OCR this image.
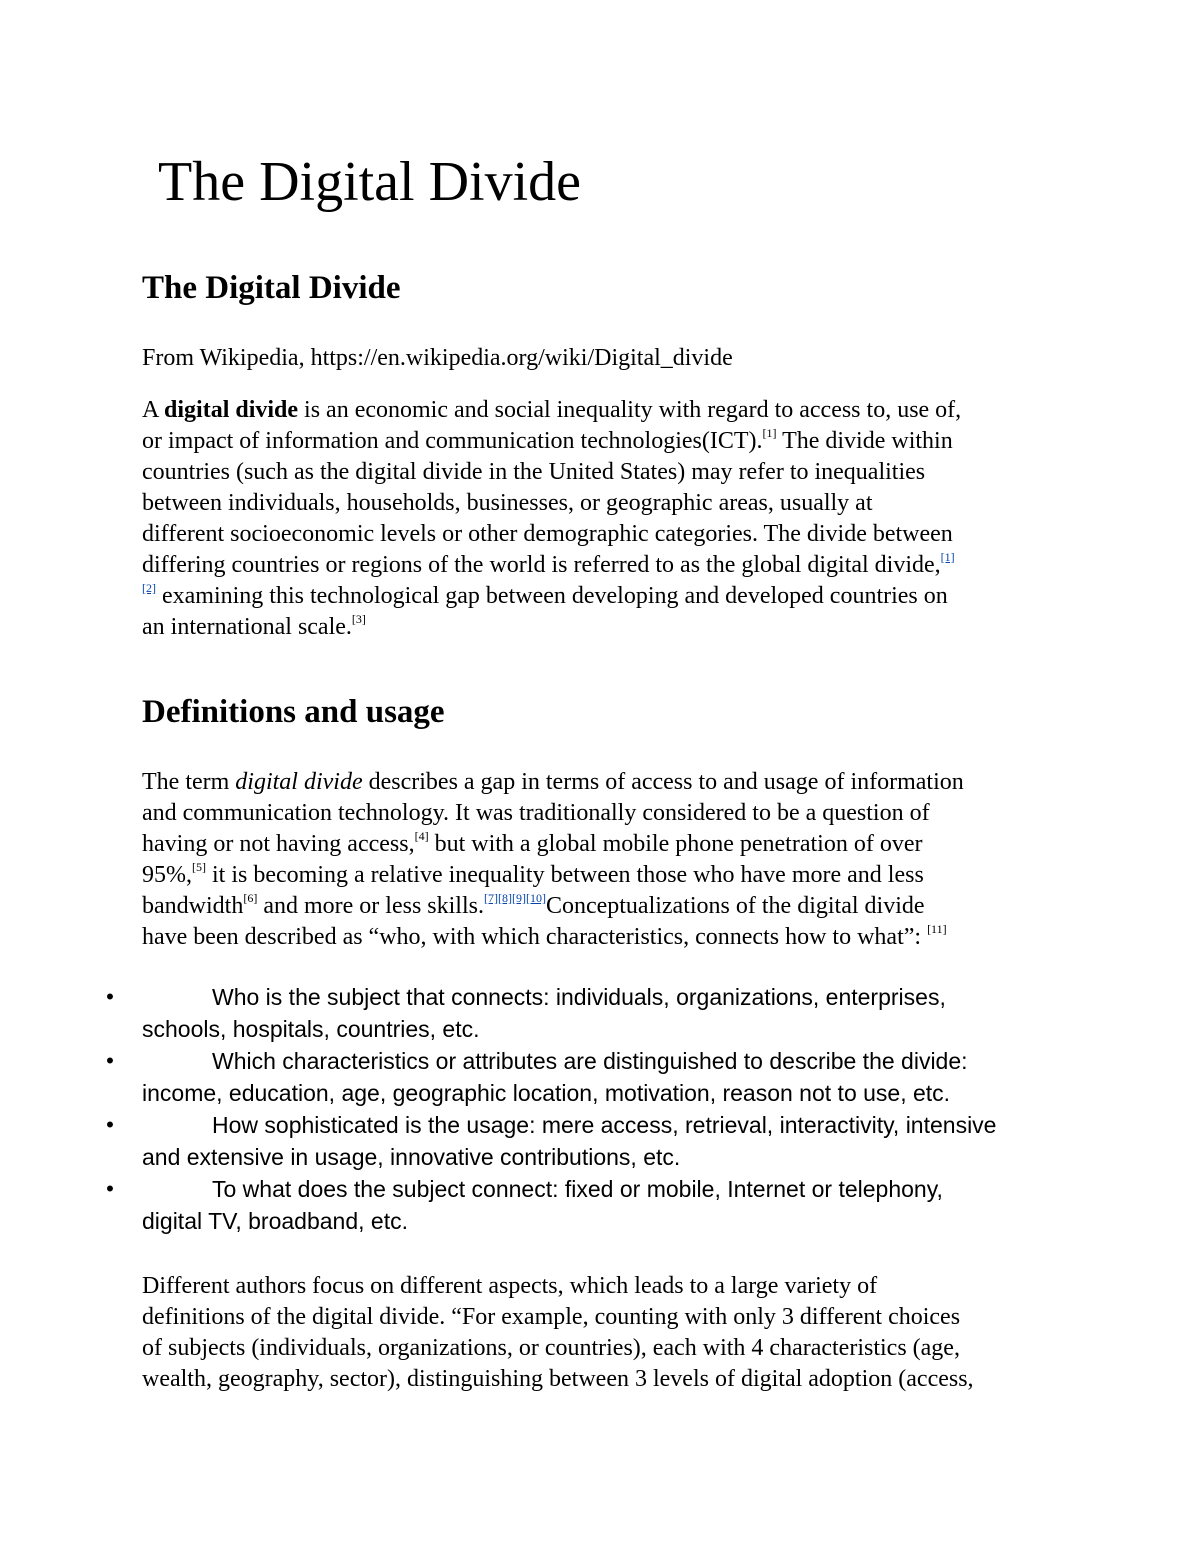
The Digital Divide
The Digital Divide

From Wikipedia, https://en.wikipedia.org/wiki/Digital_divide

A digital divide is an economic and social inequality with regard to access to, use of,
or impact of information and communication technologies(ICT).[1] The divide within
countries (such as the digital divide in the United States) may refer to inequalities
between individuals, households, businesses, or geographic areas, usually at
different socioeconomic levels or other demographic categories. The divide between
differing countries or regions of the world is referred to as the global digital divide,[1]
[2] examining this technological gap between developing and developed countries on
an international scale.[3]

Definitions and usage

The term digital divide describes a gap in terms of access to and usage of information
and communication technology. It was traditionally considered to be a question of
having or not having access,[4] but with a global mobile phone penetration of over
95%,[5] it is becoming a relative inequality between those who have more and less
bandwidth[6] and more or less skills.[7][8][9][10]Conceptualizations of the digital divide
have been described as “who, with which characteristics, connects how to what”: [11]

•	Who is the subject that connects: individuals, organizations, enterprises,
schools, hospitals, countries, etc.
•	Which characteristics or attributes are distinguished to describe the divide:
income, education, age, geographic location, motivation, reason not to use, etc.
•	How sophisticated is the usage: mere access, retrieval, interactivity, intensive
and extensive in usage, innovative contributions, etc.
•	To what does the subject connect: fixed or mobile, Internet or telephony,
digital TV, broadband, etc.

Different authors focus on different aspects, which leads to a large variety of
definitions of the digital divide. “For example, counting with only 3 different choices
of subjects (individuals, organizations, or countries), each with 4 characteristics (age,
wealth, geography, sector), distinguishing between 3 levels of digital adoption (access,
